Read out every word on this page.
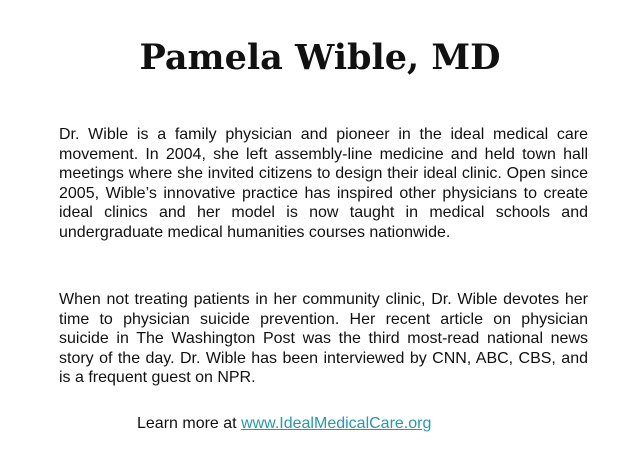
Pamela Wible, MD

Dr. Wible is a family physician and pioneer in the ideal medical care movement. In 2004, she left assembly-line medicine and held town hall meetings where she invited citizens to design their ideal clinic. Open since 2005, Wible’s innovative practice has inspired other physicians to create ideal clinics and her model is now taught in medical schools and undergraduate medical humanities courses nationwide.

When not treating patients in her community clinic, Dr. Wible devotes her time to physician suicide prevention. Her recent article on physician suicide in The Washington Post was the third most-read national news story of the day. Dr. Wible has been interviewed by CNN, ABC, CBS, and is a frequent guest on NPR.

Learn more at www.IdealMedicalCare.org
